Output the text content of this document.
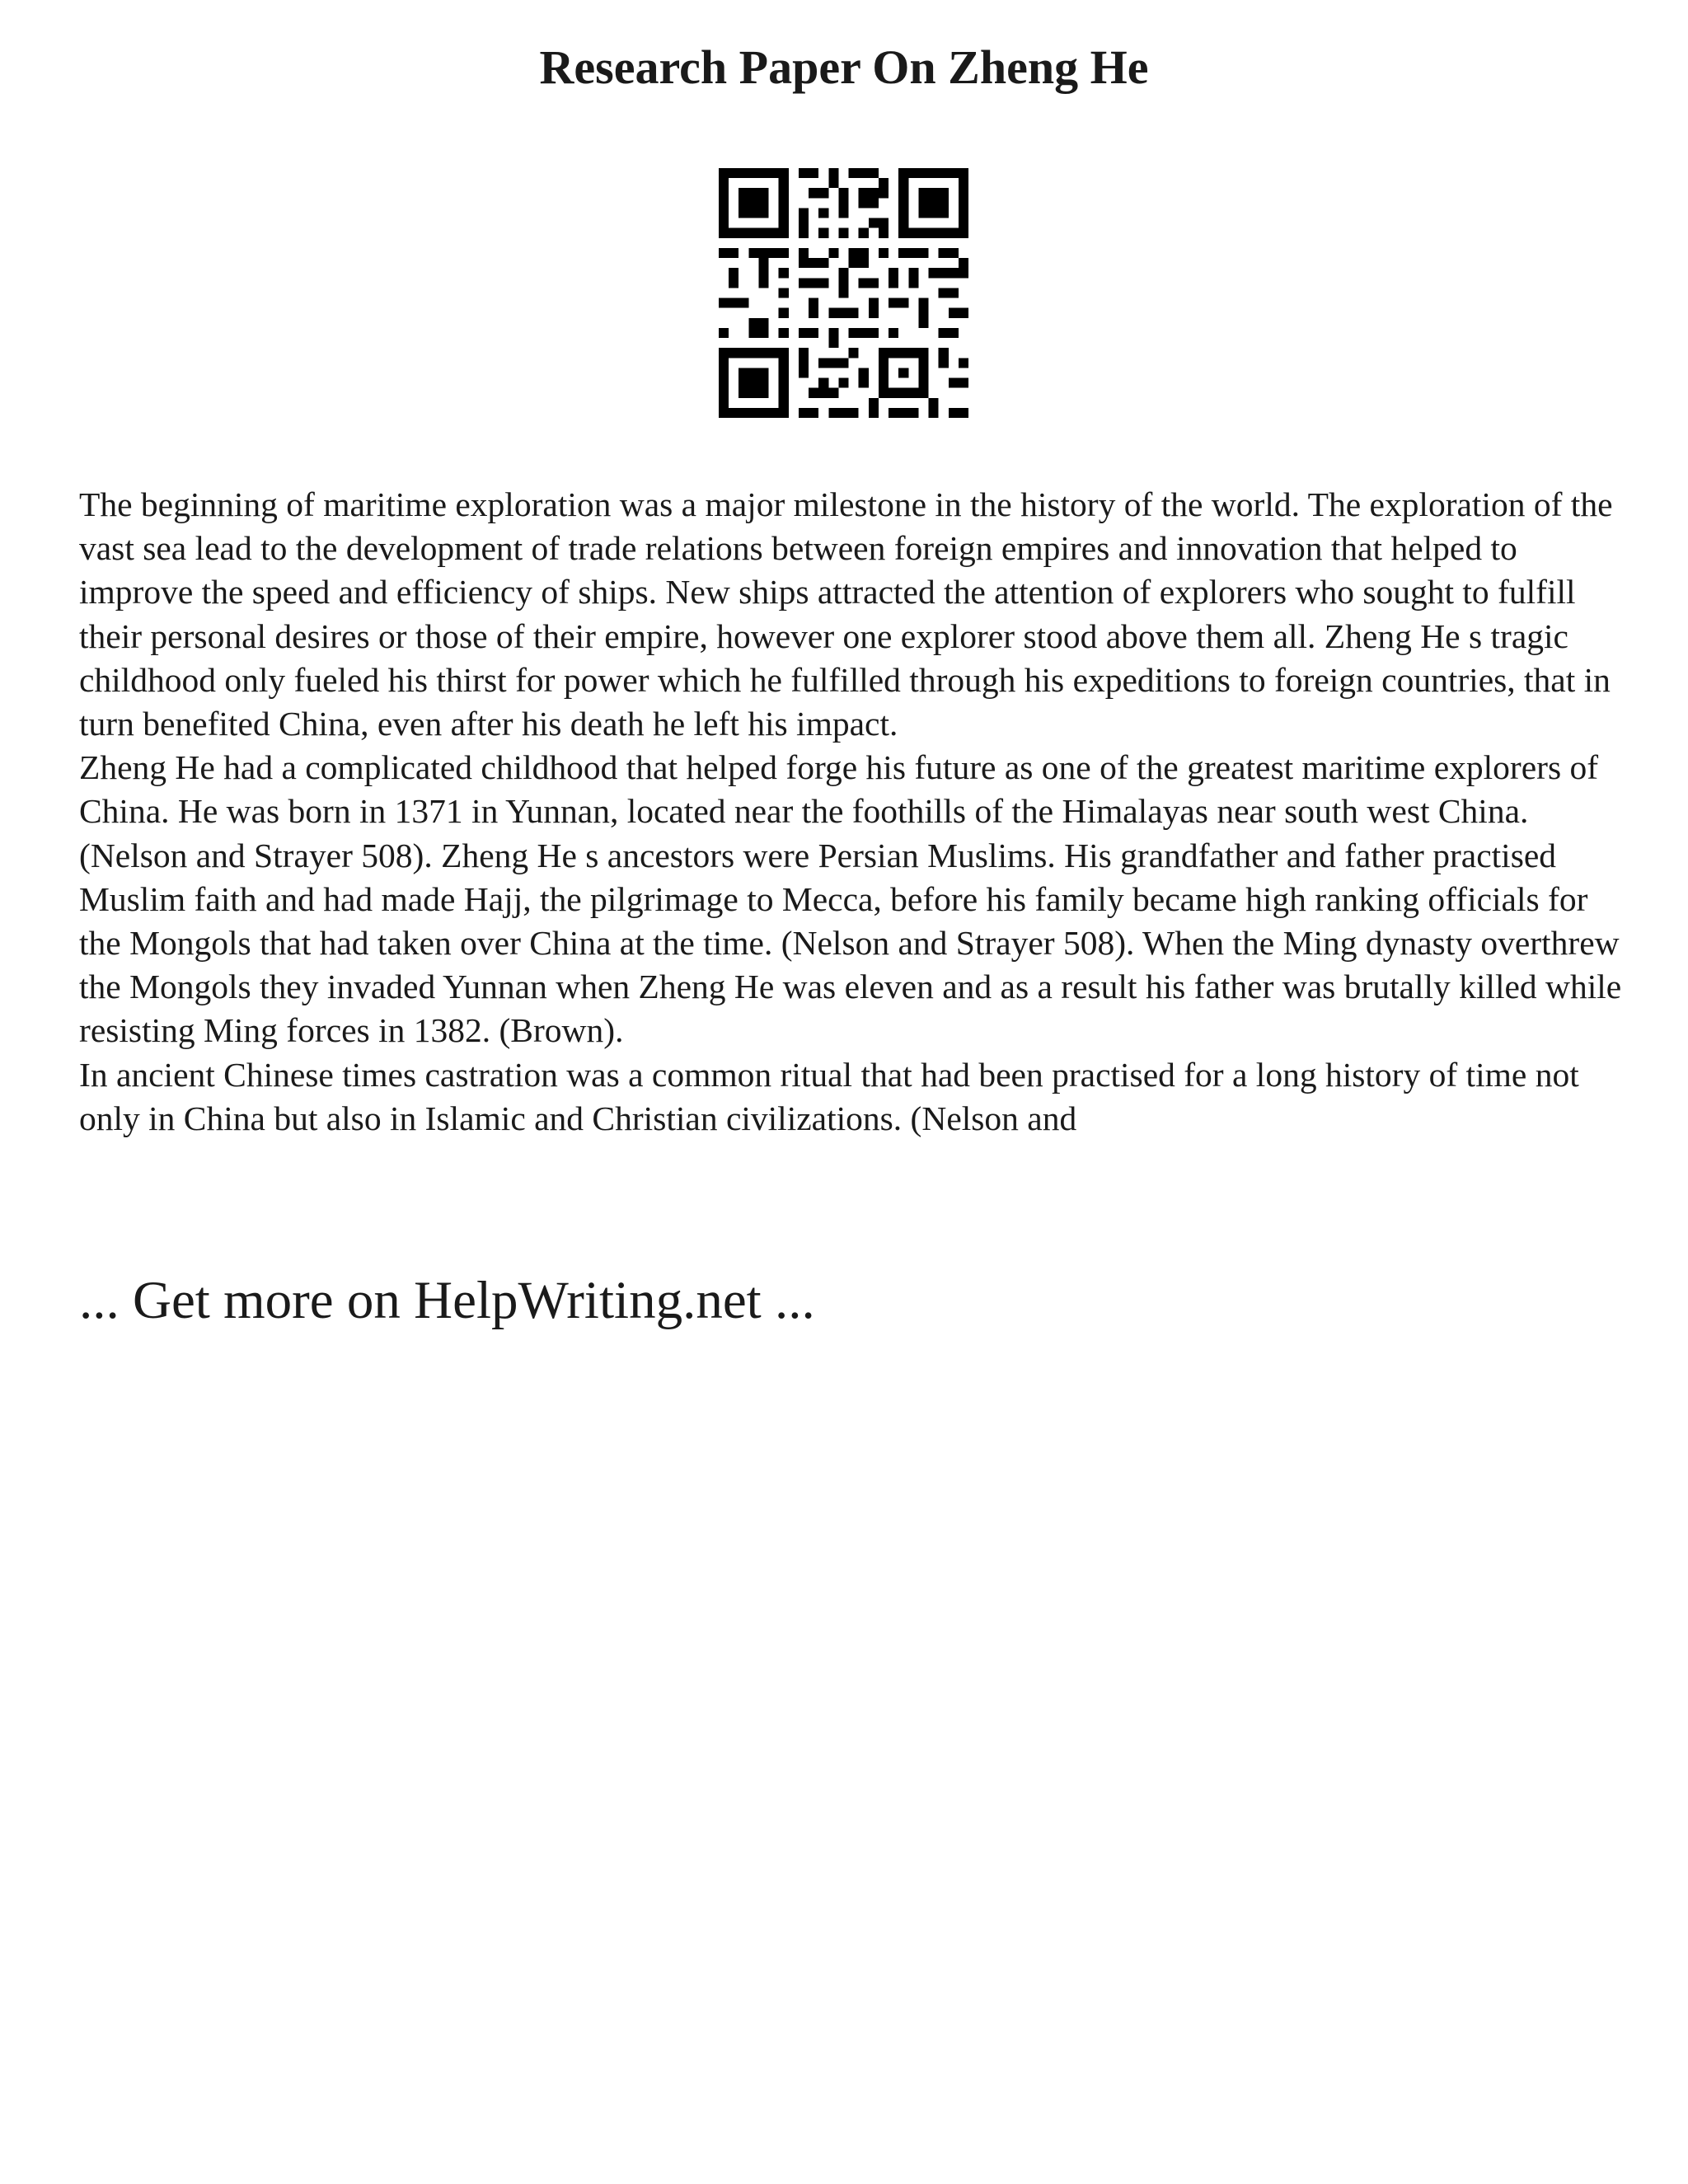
Research Paper On Zheng He

The beginning of maritime exploration was a major milestone in the history of the world. The exploration of the vast sea lead to the development of trade relations between foreign empires and innovation that helped to improve the speed and efficiency of ships. New ships attracted the attention of explorers who sought to fulfill their personal desires or those of their empire, however one explorer stood above them all. Zheng He s tragic childhood only fueled his thirst for power which he fulfilled through his expeditions to foreign countries, that in turn benefited China, even after his death he left his impact.

Zheng He had a complicated childhood that helped forge his future as one of the greatest maritime explorers of China. He was born in 1371 in Yunnan, located near the foothills of the Himalayas near south west China. (Nelson and Strayer 508). Zheng He s ancestors were Persian Muslims. His grandfather and father practised Muslim faith and had made Hajj, the pilgrimage to Mecca, before his family became high ranking officials for the Mongols that had taken over China at the time. (Nelson and Strayer 508). When the Ming dynasty overthrew the Mongols they invaded Yunnan when Zheng He was eleven and as a result his father was brutally killed while resisting Ming forces in 1382. (Brown).

In ancient Chinese times castration was a common ritual that had been practised for a long history of time not only in China but also in Islamic and Christian civilizations. (Nelson and

... Get more on HelpWriting.net ...
